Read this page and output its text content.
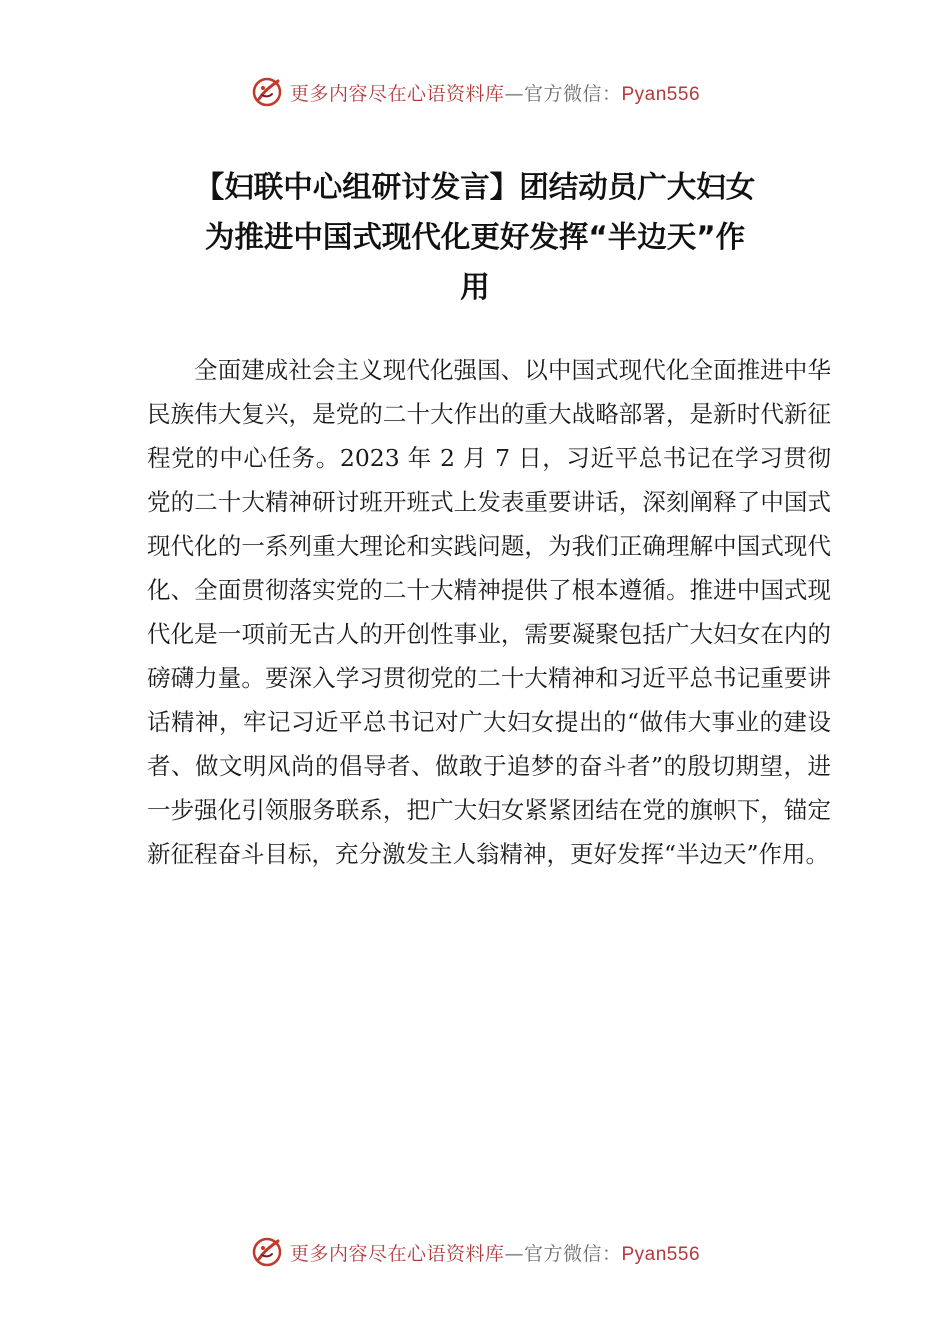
更多内容尽在心语资料库—官方微信：Pyan556
【妇联中心组研讨发言】团结动员广大妇女
为推进中国式现代化更好发挥“半边天”作
用

全面建成社会主义现代化强国、以中国式现代化全面推进中华民族伟大复兴，是党的二十大作出的重大战略部署，是新时代新征程党的中心任务。2023 年 2 月 7 日，习近平总书记在学习贯彻党的二十大精神研讨班开班式上发表重要讲话，深刻阐释了中国式现代化的一系列重大理论和实践问题，为我们正确理解中国式现代化、全面贯彻落实党的二十大精神提供了根本遵循。推进中国式现代化是一项前无古人的开创性事业，需要凝聚包括广大妇女在内的磅礴力量。要深入学习贯彻党的二十大精神和习近平总书记重要讲话精神，牢记习近平总书记对广大妇女提出的“做伟大事业的建设者、做文明风尚的倡导者、做敢于追梦的奋斗者”的殷切期望，进一步强化引领服务联系，把广大妇女紧紧团结在党的旗帜下，锚定新征程奋斗目标，充分激发主人翁精神，更好发挥“半边天”作用。

更多内容尽在心语资料库—官方微信：Pyan556
